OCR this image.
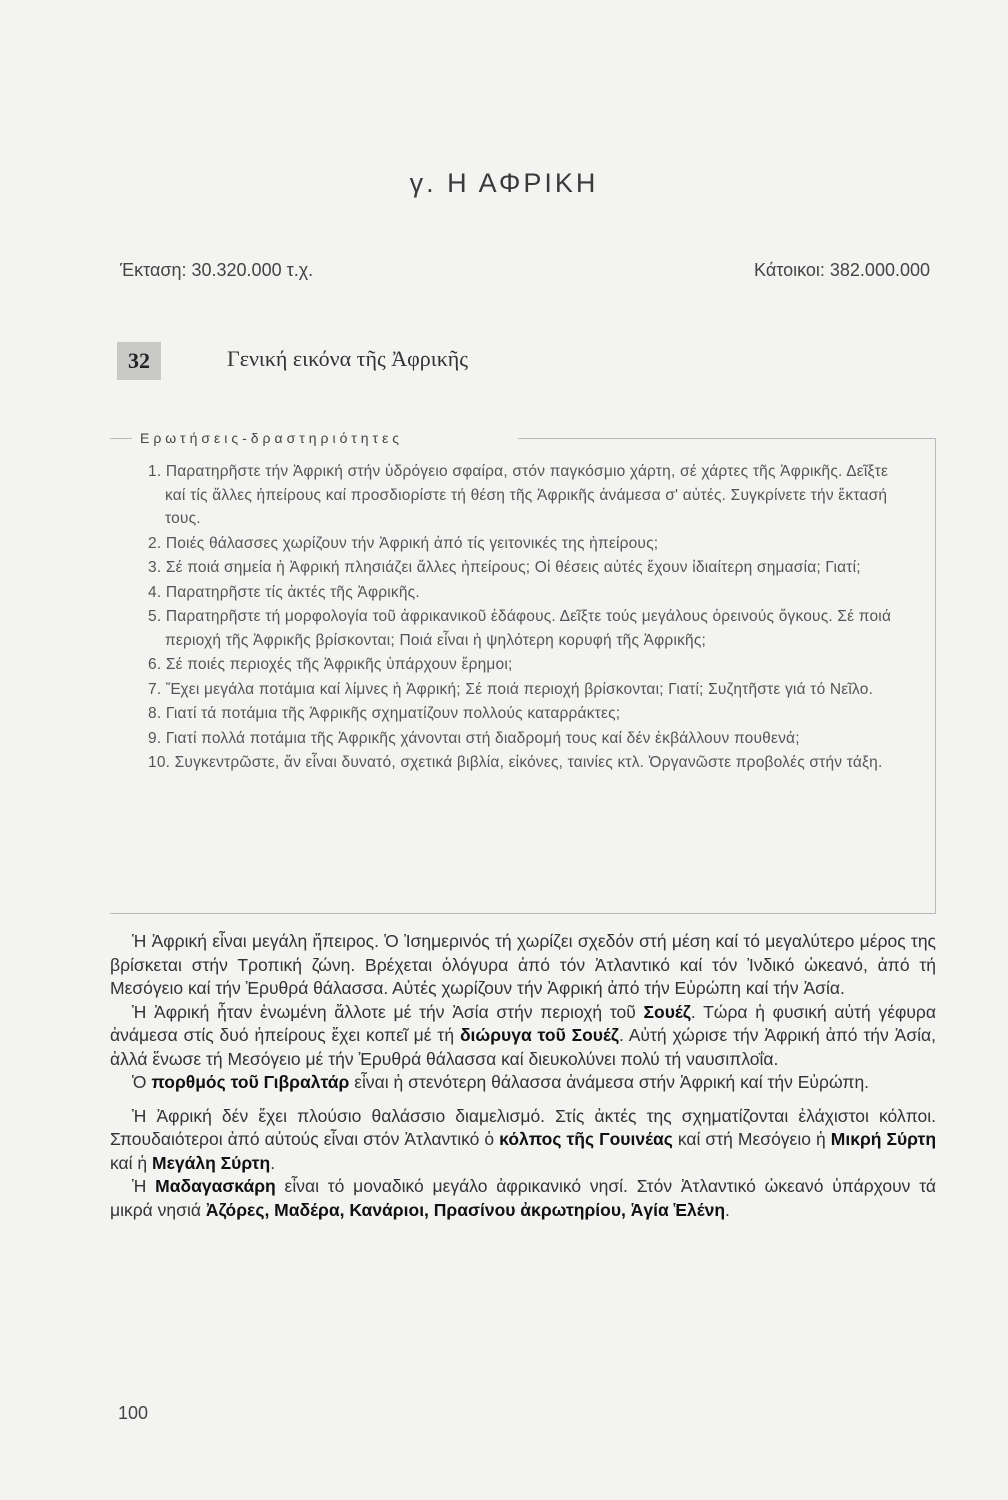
γ. Η ΑΦΡΙΚΗ
Έκταση: 30.320.000 τ.χ.	Κάτοικοι: 382.000.000
32	Γενική εικόνα τῆς Ἀφρικῆς
Ερωτήσεις-δραστηριότητες

1. Παρατηρῆστε τήν Ἀφρική στήν ὑδρόγειο σφαίρα, στόν παγκόσμιο χάρτη, σέ χάρτες τῆς Ἀφρικῆς. Δεῖξτε καί τίς ἄλλες ἠπείρους καί προσδιορίστε τή θέση τῆς Ἀφρικῆς ἀνάμεσα σ' αὐτές. Συγκρίνετε τήν ἔκτασή τους.

2. Ποιές θάλασσες χωρίζουν τήν Ἀφρική ἀπό τίς γειτονικές της ἠπείρους;

3. Σέ ποιά σημεία ἡ Ἀφρική πλησιάζει ἄλλες ἠπείρους; Οἱ θέσεις αὐτές ἔχουν ἰδιαίτερη σημασία; Γιατί;

4. Παρατηρῆστε τίς ἀκτές τῆς Ἀφρικῆς.

5. Παρατηρῆστε τή μορφολογία τοῦ ἀφρικανικοῦ ἐδάφους. Δεῖξτε τούς μεγάλους ὀρεινούς ὄγκους. Σέ ποιά περιοχή τῆς Ἀφρικῆς βρίσκονται; Ποιά εἶναι ἡ ψηλότερη κορυφή τῆς Ἀφρικῆς;

6. Σέ ποιές περιοχές τῆς Ἀφρικῆς ὑπάρχουν ἔρημοι;

7. Ἔχει μεγάλα ποτάμια καί λίμνες ἡ Ἀφρική; Σέ ποιά περιοχή βρίσκονται; Γιατί; Συζητῆστε γιά τό Νεῖλο.

8. Γιατί τά ποτάμια τῆς Ἀφρικῆς σχηματίζουν πολλούς καταρράκτες;

9. Γιατί πολλά ποτάμια τῆς Ἀφρικῆς χάνονται στή διαδρομή τους καί δέν ἐκβάλλουν πουθενά;

10. Συγκεντρῶστε, ἄν εἶναι δυνατό, σχετικά βιβλία, εἰκόνες, ταινίες κτλ. Ὀργανῶστε προβολές στήν τάξη.

Ἡ Ἀφρική εἶναι μεγάλη ἤπειρος. Ὁ Ἰσημερινός τή χωρίζει σχεδόν στή μέση καί τό μεγαλύτερο μέρος της βρίσκεται στήν Τροπική ζώνη. Βρέχεται ὁλόγυρα ἀπό τόν Ἀτλαντικό καί τόν Ἰνδικό ὠκεανό, ἀπό τή Μεσόγειο καί τήν Ἐρυθρά θάλασσα. Αὐτές χωρίζουν τήν Ἀφρική ἀπό τήν Εὐρώπη καί τήν Ἀσία.

Ἡ Ἀφρική ἦταν ἑνωμένη ἄλλοτε μέ τήν Ἀσία στήν περιοχή τοῦ Σουέζ. Τώρα ἡ φυσική αὐτή γέφυρα ἀνάμεσα στίς δυό ἠπείρους ἔχει κοπεῖ μέ τή διώρυγα τοῦ Σουέζ. Αὐτή χώρισε τήν Ἀφρική ἀπό τήν Ἀσία, ἀλλά ἕνωσε τή Μεσόγειο μέ τήν Ἐρυθρά θάλασσα καί διευκολύνει πολύ τή ναυσιπλοΐα.

Ὁ πορθμός τοῦ Γιβραλτάρ εἶναι ἡ στενότερη θάλασσα ἀνάμεσα στήν Ἀφρική καί τήν Εὐρώπη.

Ἡ Ἀφρική δέν ἔχει πλούσιο θαλάσσιο διαμελισμό. Στίς ἀκτές της σχηματίζονται ἐλάχιστοι κόλποι. Σπουδαιότεροι ἀπό αὐτούς εἶναι στόν Ἀτλαντικό ὁ κόλπος τῆς Γουινέας καί στή Μεσόγειο ἡ Μικρή Σύρτη καί ἡ Μεγάλη Σύρτη.

Ἡ Μαδαγασκάρη εἶναι τό μοναδικό μεγάλο ἀφρικανικό νησί. Στόν Ἀτλαντικό ὠκεανό ὑπάρχουν τά μικρά νησιά Ἀζόρες, Μαδέρα, Κανάριοι, Πρασίνου ἀκρωτηρίου, Ἁγία Ἑλένη.

100
